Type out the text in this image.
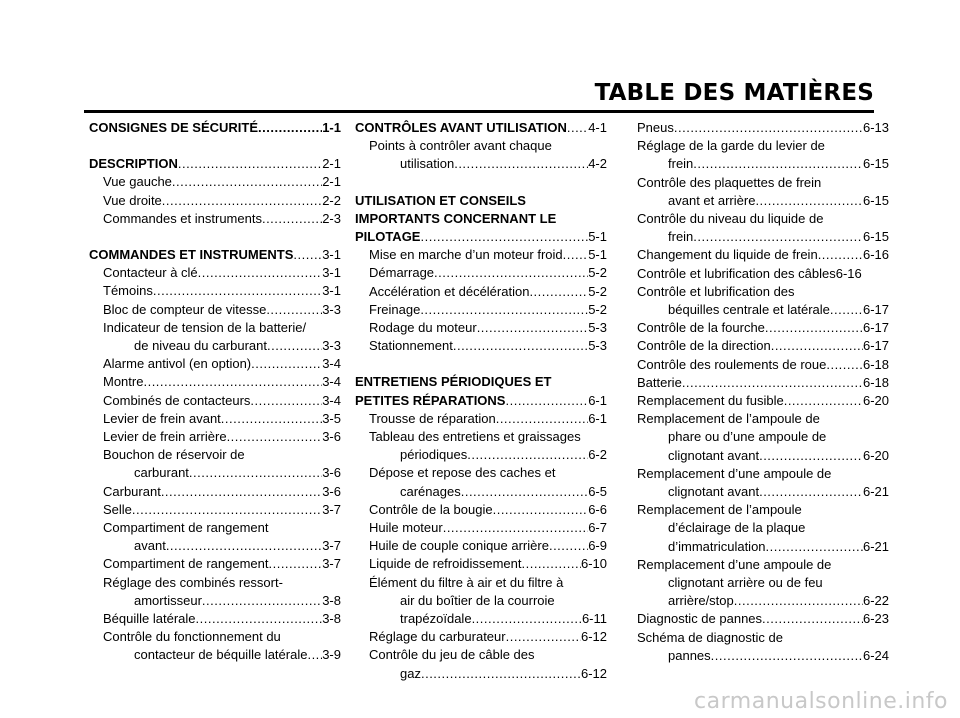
TABLE DES MATIÈRES
CONSIGNES DE SÉCURITÉ .....	1-1
DESCRIPTION .....	2-1
Vue gauche .....	2-1
Vue droite .....	2-2
Commandes et instruments .....	2-3
COMMANDES ET INSTRUMENTS ..... 3-1
Contacteur à clé .....	3-1
Témoins .....	3-1
Bloc de compteur de vitesse .....	3-3
Indicateur de tension de la batterie/
de niveau du carburant .....	3-3
Alarme antivol (en option) .....	3-4
Montre .....	3-4
Combinés de contacteurs .....	3-4
Levier de frein avant .....	3-5
Levier de frein arrière .....	3-6
Bouchon de réservoir de
carburant .....	3-6
Carburant .....	3-6
Selle .....	3-7
Compartiment de rangement
avant .....	3-7
Compartiment de rangement .....	3-7
Réglage des combinés ressort-
amortisseur .....	3-8
Béquille latérale .....	3-8
Contrôle du fonctionnement du
contacteur de béquille latérale ..... 3-9
CONTRÔLES AVANT UTILISATION ..... 4-1
Points à contrôler avant chaque
utilisation .....	4-2
UTILISATION ET CONSEILS
IMPORTANTS CONCERNANT LE
PILOTAGE .....	5-1
Mise en marche d’un moteur froid ..... 5-1
Démarrage .....	5-2
Accélération et décélération .....	5-2
Freinage .....	5-2
Rodage du moteur .....	5-3
Stationnement .....	5-3
ENTRETIENS PÉRIODIQUES ET
PETITES RÉPARATIONS .....	6-1
Trousse de réparation .....	6-1
Tableau des entretiens et graissages
périodiques .....	6-2
Dépose et repose des caches et
carénages .....	6-5
Contrôle de la bougie .....	6-6
Huile moteur .....	6-7
Huile de couple conique arrière .....	6-9
Liquide de refroidissement .....	6-10
Élément du filtre à air et du filtre à
air du boîtier de la courroie
trapézoïdale .....	6-11
Réglage du carburateur .....	6-12
Contrôle du jeu de câble des
gaz .....	6-12
Pneus .....	6-13
Réglage de la garde du levier de
frein .....	6-15
Contrôle des plaquettes de frein
avant et arrière .....	6-15
Contrôle du niveau du liquide de
frein .....	6-15
Changement du liquide de frein .....	6-16
Contrôle et lubrification des câbles 6-16
Contrôle et lubrification des
béquilles centrale et latérale .....	6-17
Contrôle de la fourche .....	6-17
Contrôle de la direction .....	6-17
Contrôle des roulements de roue .....	6-18
Batterie .....	6-18
Remplacement du fusible .....	6-20
Remplacement de l’ampoule de
phare ou d’une ampoule de
clignotant avant .....	6-20
Remplacement d’une ampoule de
clignotant avant .....	6-21
Remplacement de l’ampoule
d’éclairage de la plaque
d’immatriculation .....	6-21
Remplacement d’une ampoule de
clignotant arrière ou de feu
arrière/stop .....	6-22
Diagnostic de pannes .....	6-23
Schéma de diagnostic de
pannes .....	6-24
carmanualsonline.info
